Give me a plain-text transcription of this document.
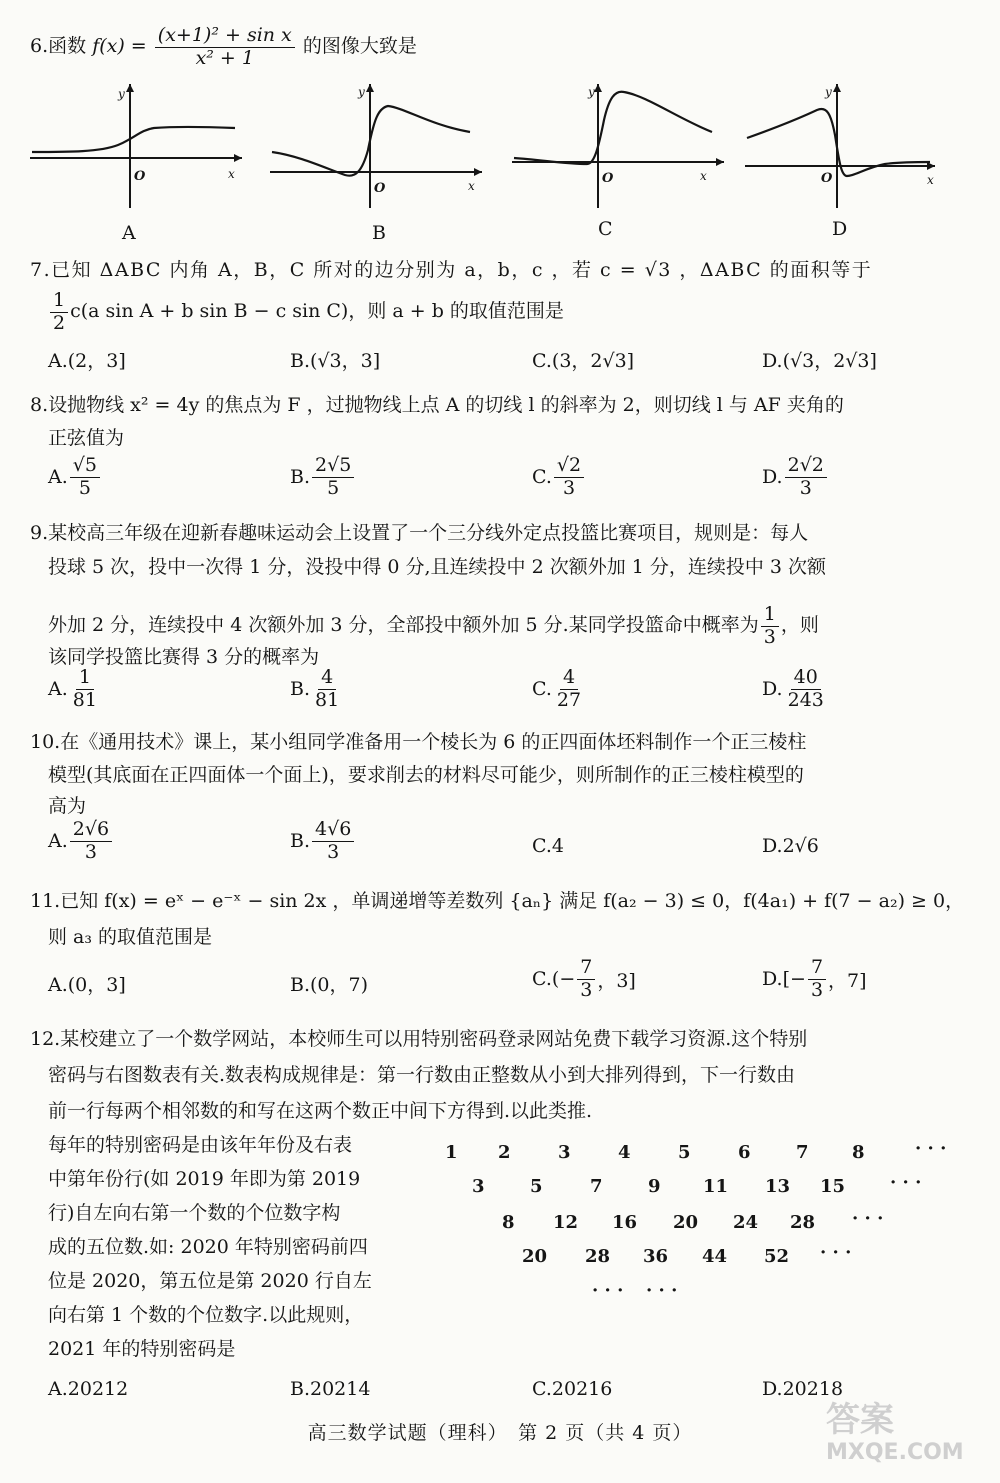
6.函数 $f(x) = \frac{\text{(x+1)² + sin x}}{\text{x² + 1}}$ 的图像大致是
y
O	x
A
y
O	x
B
y
O	x
C
y
O	x
D
7.已知 ΔABC 内角 A，B，C 所对的边分别为 a，b，c ，若 c = √3 ，ΔABC 的面积等于
$\frac{1}{2} c(a$ sin A + b sin B − c sin C)，则 a + b 的取值范围是
A.(2，3]	B.(√3，3]	C.(3，2√3]	D.(√3，2√3]
8.设抛物线 x² = 4y 的焦点为 F ，过抛物线上点 A 的切线 l 的斜率为 2，则切线 l 与 AF 夹角的
正弦值为
A. $\frac{√5}{5}$	B. $\frac{2√5}{5}$	C. $\frac{√2}{3}$	D. $\frac{2√2}{3}$
9.某校高三年级在迎新春趣味运动会上设置了一个三分线外定点投篮比赛项目，规则是：每人
投球 5 次，投中一次得 1 分，没投中得 0 分,且连续投中 2 次额外加 1 分，连续投中 3 次额
外加 2 分，连续投中 4 次额外加 3 分，全部投中额外加 5 分.某同学投篮命中概率为 $\frac{1}{3}$ ，则
该同学投篮比赛得 3 分的概率为
A. $\frac{1}{81}$	B. $\frac{4}{81}$	C. $\frac{4}{27}$	D. $\frac{40}{243}$
10.在《通用技术》课上，某小组同学准备用一个棱长为 6 的正四面体坯料制作一个正三棱柱
模型(其底面在正四面体一个面上)，要求削去的材料尽可能少，则所制作的正三棱柱模型的
高为
A. $\frac{2√6}{3}$	B. $\frac{4√6}{3}$	C.4	D.2√6
11.已知 f(x) = eˣ − e⁻ˣ − sin 2x ，单调递增等差数列 {aₙ} 满足 f(a₂ − 3) ≤ 0，f(4a₁) + f(7 − a₂) ≥ 0，
则 a₃ 的取值范围是
A.(0，3]	B.(0，7)	$C.(- \frac{7}{3}$ ，3]	$D.[- \frac{7}{3}$ ，7]
12.某校建立了一个数学网站，本校师生可以用特别密码登录网站免费下载学习资源.这个特别
密码与右图数表有关.数表构成规律是：第一行数由正整数从小到大排列得到，下一行数由
前一行每两个相邻数的和写在这两个数正中间下方得到.以此类推.
每年的特别密码是由该年年份及右表
中第年份行(如 2019 年即为第 2019
行)自左向右第一个数的个位数字构
成的五位数.如: 2020 年特别密码前四
位是 2020，第五位是第 2020 行自左
向右第 1 个数的个位数字.以此规则，
2021 年的特别密码是
1 2	3	4	5	6	7 8	· · ·
3	5	7	9 11 13 15 · · ·
8 12 16 20 24 28 · · ·
20 28 36 44 52 · · ·
· · · · · ·
A.20212	B.20214	C.20216	D.20218
高三数学试题（理科）　第 2 页（共 4 页）	答案
MXQE.COM
